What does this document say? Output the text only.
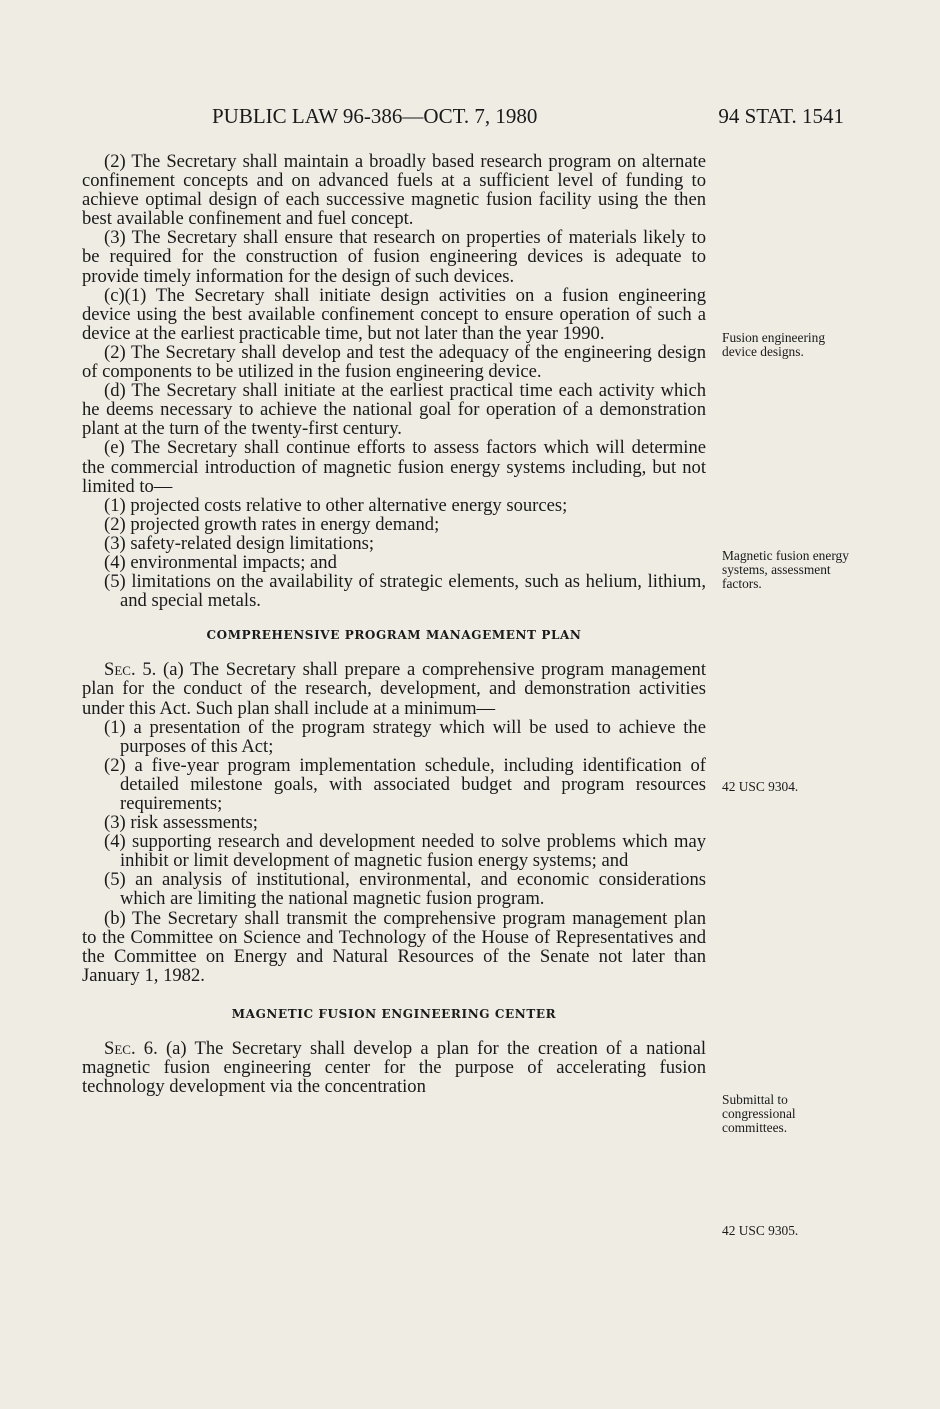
PUBLIC LAW 96-386—OCT. 7, 1980	94 STAT. 1541

(2) The Secretary shall maintain a broadly based research program on alternate confinement concepts and on advanced fuels at a sufficient level of funding to achieve optimal design of each successive magnetic fusion facility using the then best available confinement and fuel concept.

(3) The Secretary shall ensure that research on properties of materials likely to be required for the construction of fusion engineering devices is adequate to provide timely information for the design of such devices.

(c)(1) The Secretary shall initiate design activities on a fusion engineering device using the best available confinement concept to ensure operation of such a device at the earliest practicable time, but not later than the year 1990.

(2) The Secretary shall develop and test the adequacy of the engineering design of components to be utilized in the fusion engineering device.

(d) The Secretary shall initiate at the earliest practical time each activity which he deems necessary to achieve the national goal for operation of a demonstration plant at the turn of the twenty-first century.

(e) The Secretary shall continue efforts to assess factors which will determine the commercial introduction of magnetic fusion energy systems including, but not limited to—

(1) projected costs relative to other alternative energy sources;

(2) projected growth rates in energy demand;

(3) safety-related design limitations;

(4) environmental impacts; and

(5) limitations on the availability of strategic elements, such as helium, lithium, and special metals.

COMPREHENSIVE PROGRAM MANAGEMENT PLAN

Sec. 5. (a) The Secretary shall prepare a comprehensive program management plan for the conduct of the research, development, and demonstration activities under this Act. Such plan shall include at a minimum—

(1) a presentation of the program strategy which will be used to achieve the purposes of this Act;

(2) a five-year program implementation schedule, including identification of detailed milestone goals, with associated budget and program resources requirements;

(3) risk assessments;

(4) supporting research and development needed to solve problems which may inhibit or limit development of magnetic fusion energy systems; and

(5) an analysis of institutional, environmental, and economic considerations which are limiting the national magnetic fusion program.

(b) The Secretary shall transmit the comprehensive program management plan to the Committee on Science and Technology of the House of Representatives and the Committee on Energy and Natural Resources of the Senate not later than January 1, 1982.

MAGNETIC FUSION ENGINEERING CENTER

Sec. 6. (a) The Secretary shall develop a plan for the creation of a national magnetic fusion engineering center for the purpose of accelerating fusion technology development via the concentration

Fusion engineering device designs.
Magnetic fusion energy systems, assessment factors.
42 USC 9304.
Submittal to congressional committees.
42 USC 9305.
